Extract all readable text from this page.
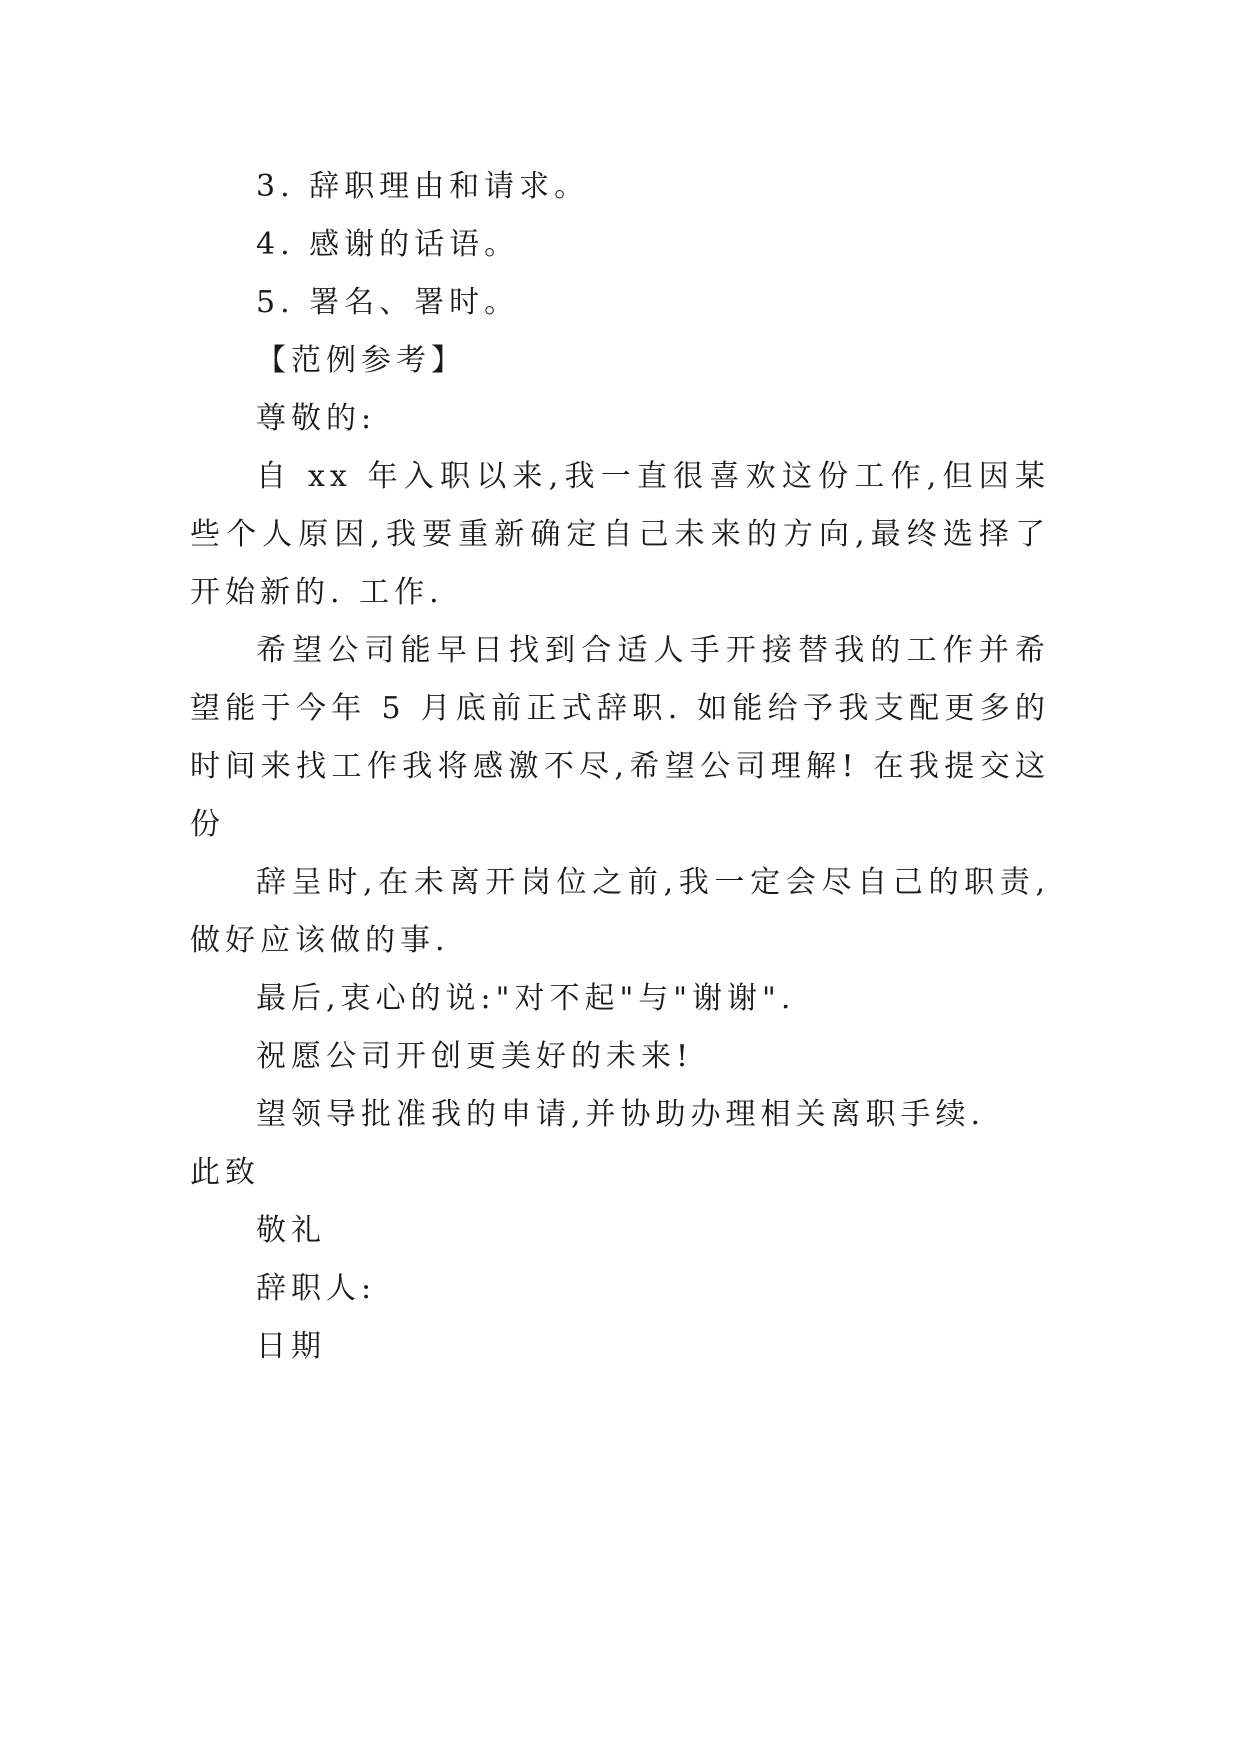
3. 辞职理由和请求。

4. 感谢的话语。

5. 署名、署时。

【范例参考】

尊敬的:

自 xx 年入职以来,我一直很喜欢这份工作,但因某些个人原因,我要重新确定自己未来的方向,最终选择了开始新的. 工作.

希望公司能早日找到合适人手开接替我的工作并希望能于今年 5 月底前正式辞职. 如能给予我支配更多的时间来找工作我将感激不尽,希望公司理解! 在我提交这份

辞呈时,在未离开岗位之前,我一定会尽自己的职责,做好应该做的事.

最后,衷心的说:"对不起"与"谢谢".

祝愿公司开创更美好的未来!

望领导批准我的申请,并协助办理相关离职手续.

此致

敬礼

辞职人:

日期
